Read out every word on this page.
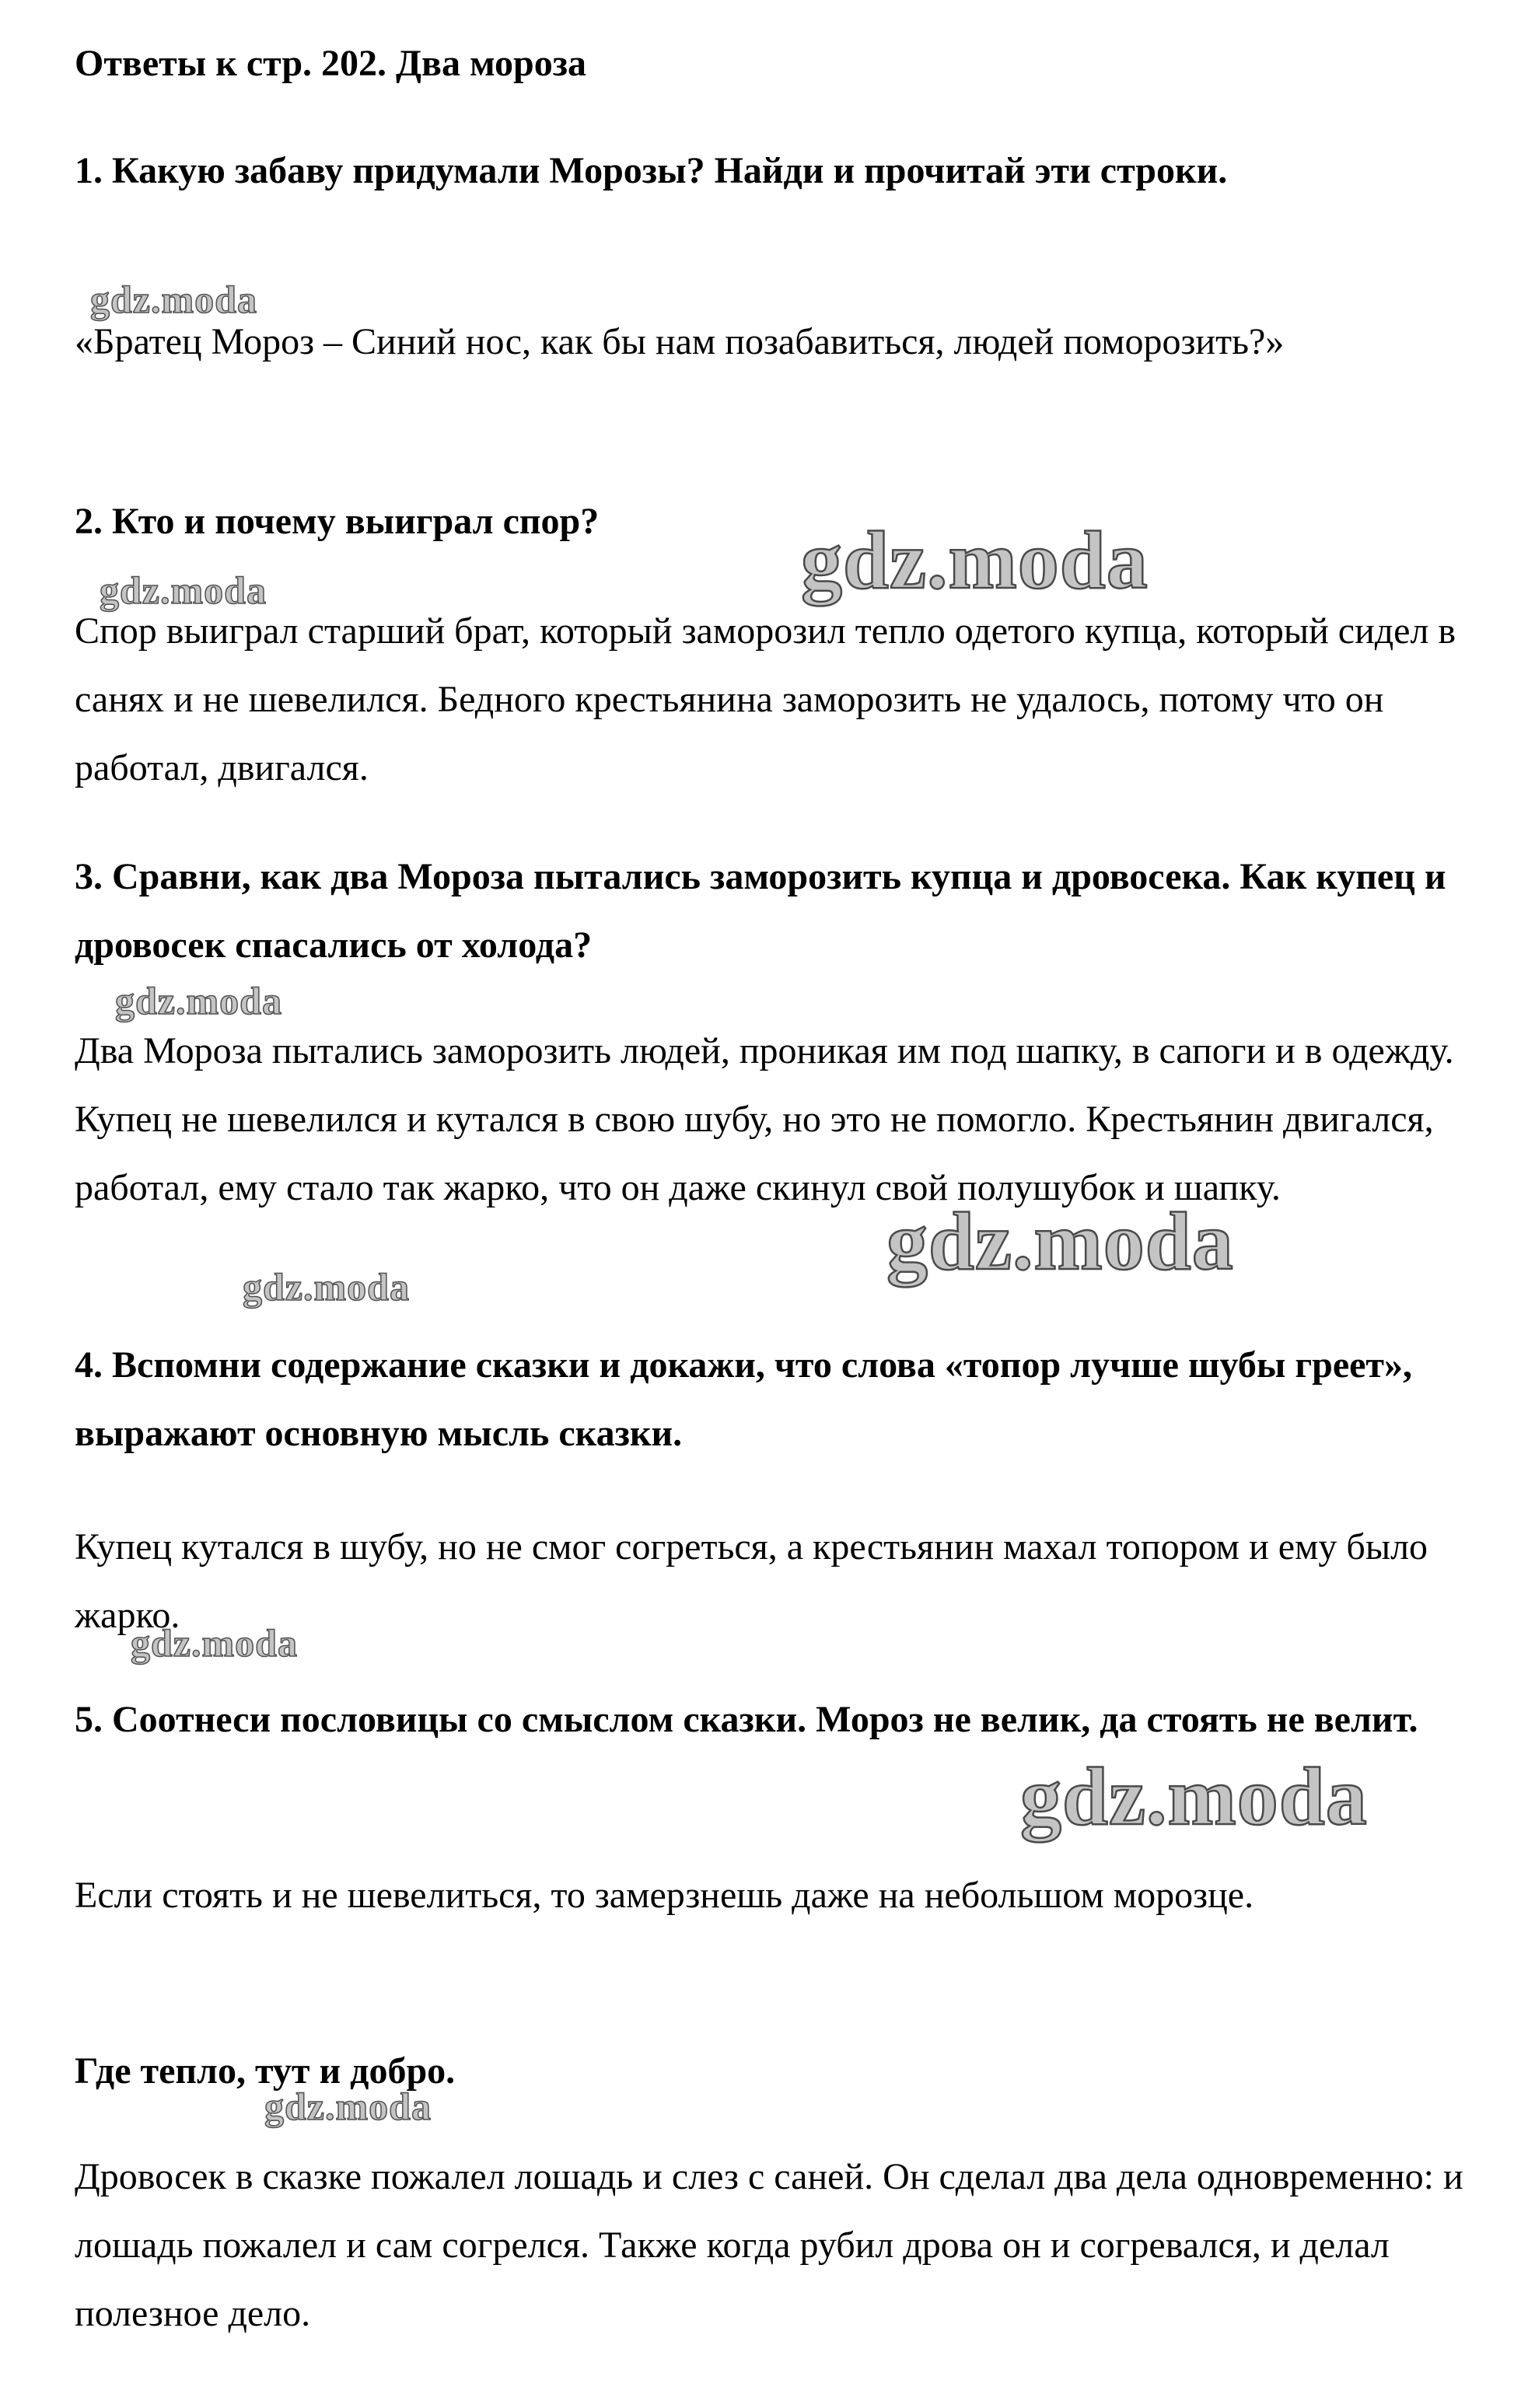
Ответы к стр. 202. Два мороза

1. Какую забаву придумали Морозы? Найди и прочитай эти строки.

«Братец Мороз – Синий нос, как бы нам позабавиться, людей поморозить?»

2. Кто и почему выиграл спор?

Спор выиграл старший брат, который заморозил тепло одетого купца, который сидел в санях и не шевелился. Бедного крестьянина заморозить не удалось, потому что он работал, двигался.

3. Сравни, как два Мороза пытались заморозить купца и дровосека. Как купец и дровосек спасались от холода?

Два Мороза пытались заморозить людей, проникая им под шапку, в сапоги и в одежду. Купец не шевелился и кутался в свою шубу, но это не помогло. Крестьянин двигался, работал, ему стало так жарко, что он даже скинул свой полушубок и шапку.

4. Вспомни содержание сказки и докажи, что слова «топор лучше шубы греет», выражают основную мысль сказки.

Купец кутался в шубу, но не смог согреться, а крестьянин махал топором и ему было жарко.

5. Соотнеси пословицы со смыслом сказки. Мороз не велик, да стоять не велит.

Если стоять и не шевелиться, то замерзнешь даже на небольшом морозце.

Где тепло, тут и добро.

Дровосек в сказке пожалел лошадь и слез с саней. Он сделал два дела одновременно: и лошадь пожалел и сам согрелся. Также когда рубил дрова он и согревался, и делал полезное дело.

gdz.moda
gdz.moda
gdz.moda
gdz.moda
gdz.moda
gdz.moda
gdz.moda
gdz.moda
gdz.moda
